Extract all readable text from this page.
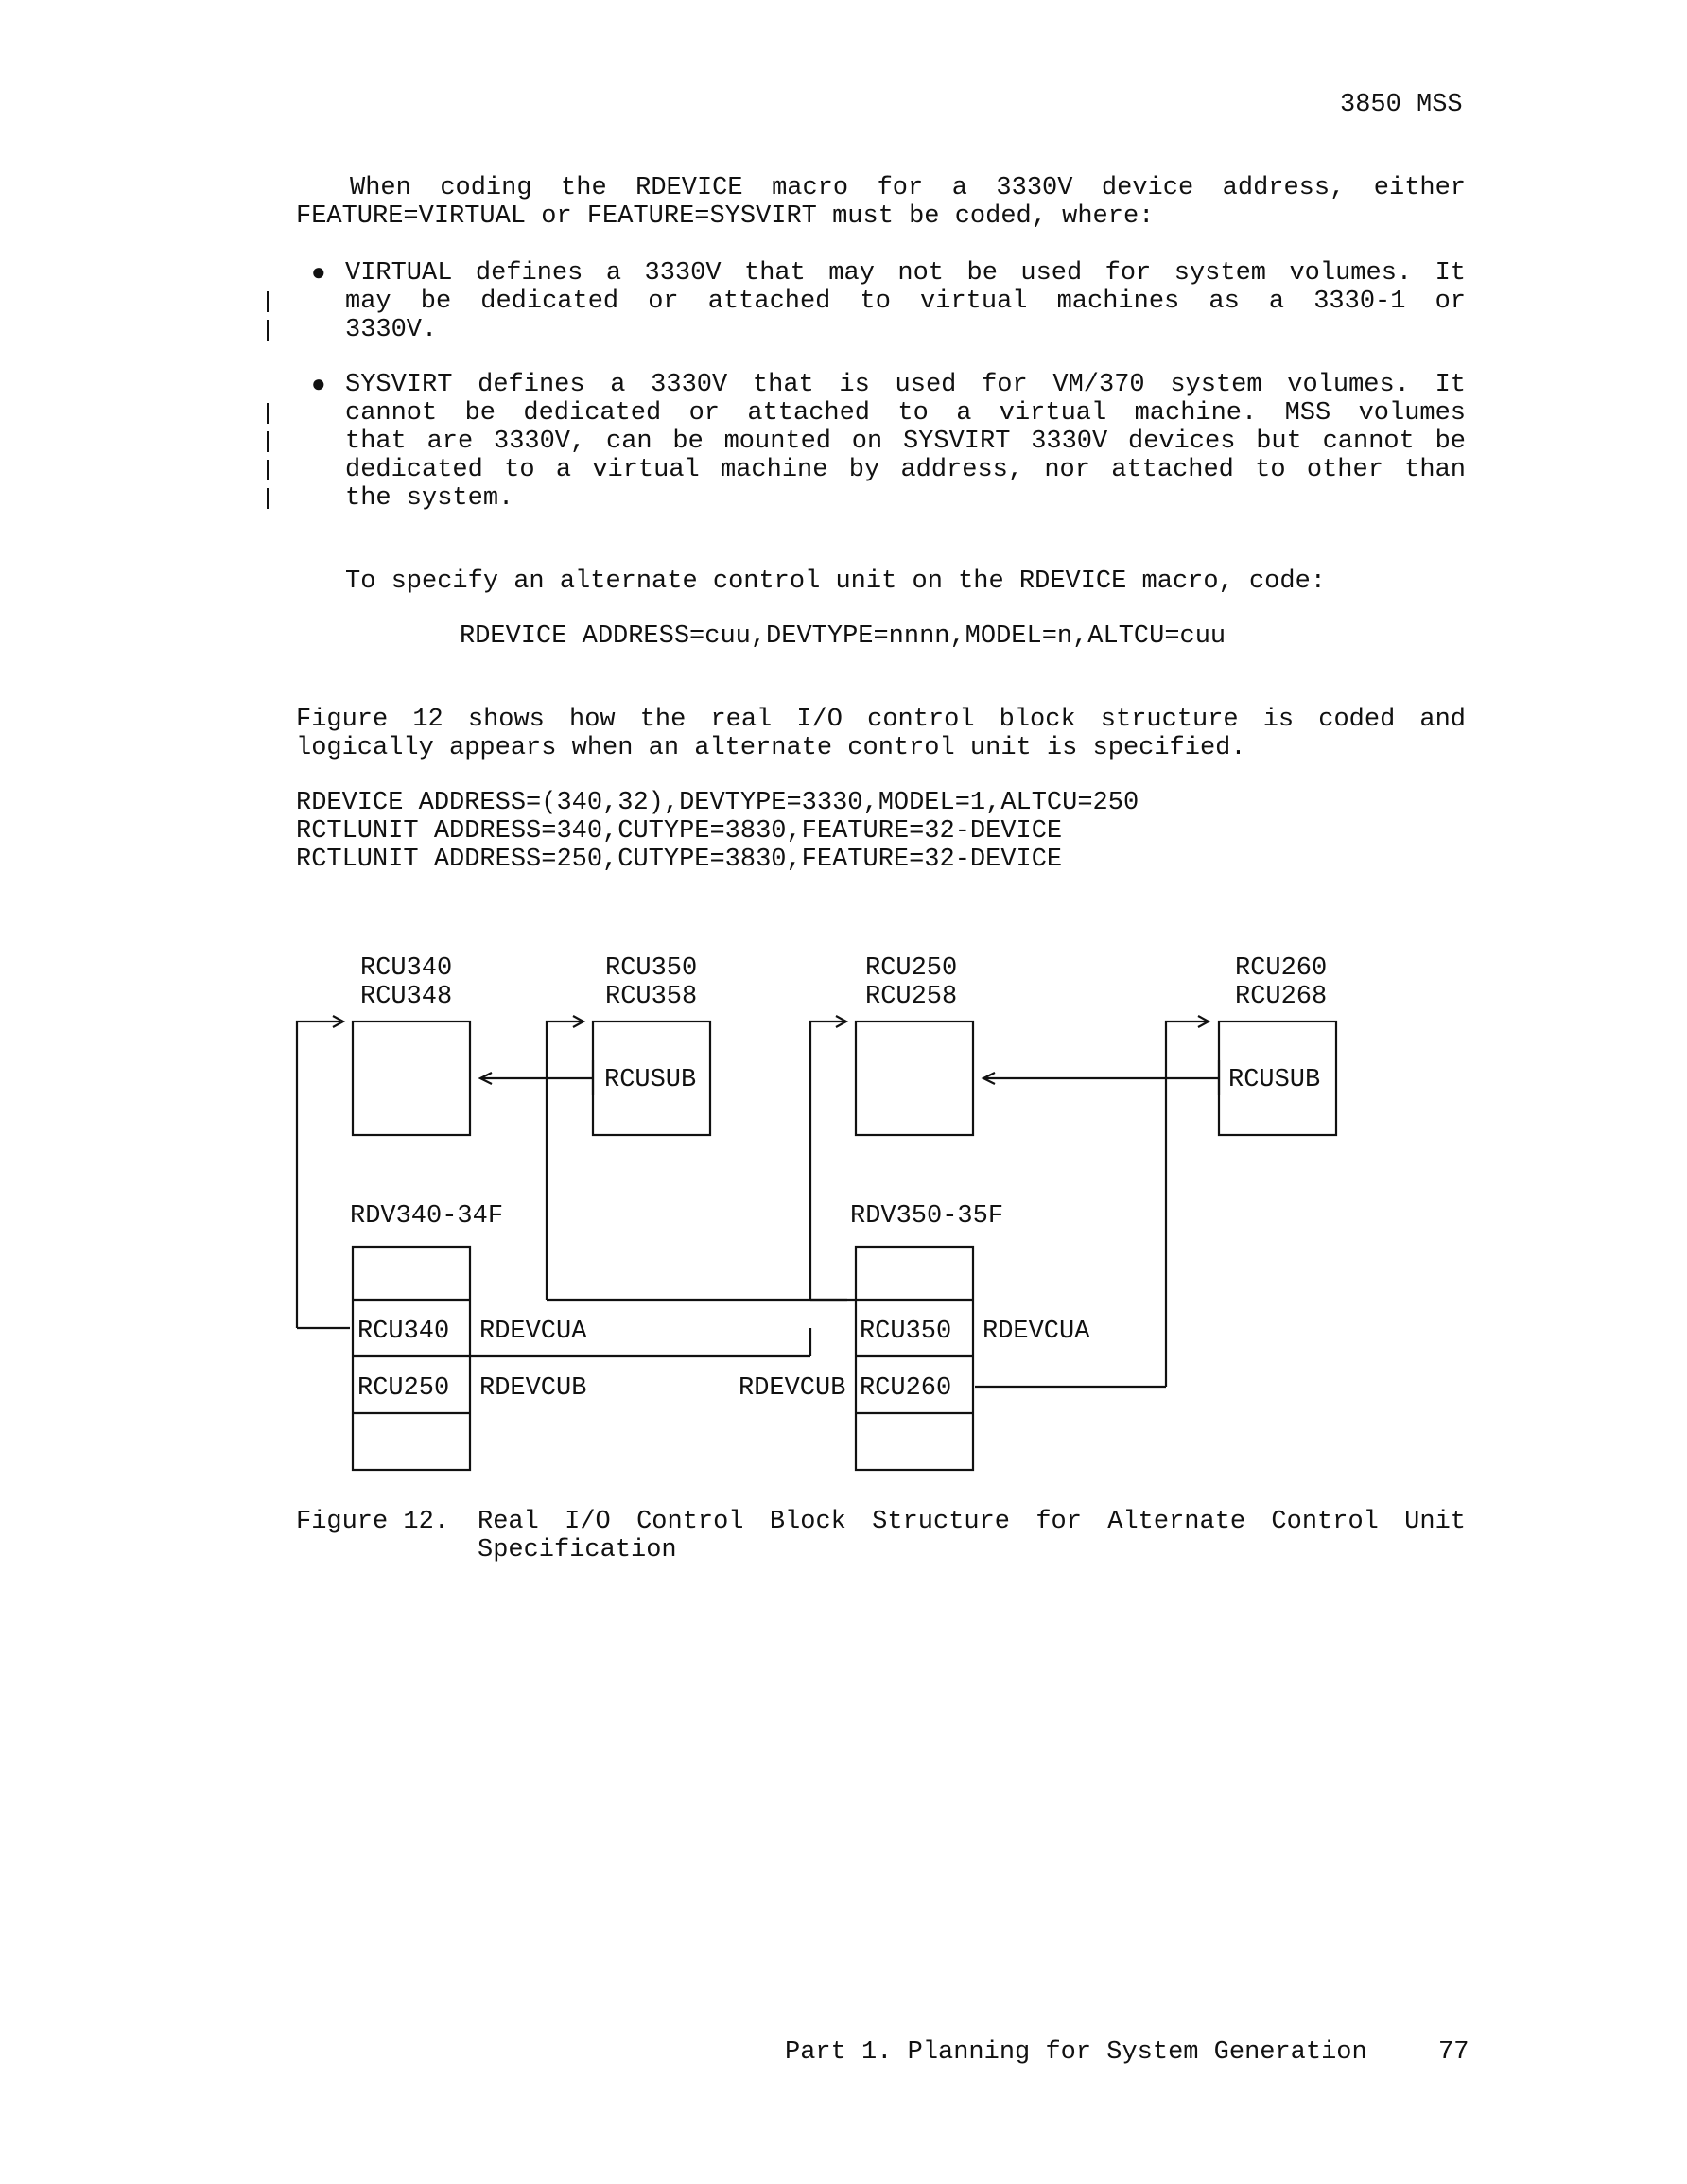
3850 MSS
When coding the RDEVICE macro for a 3330V device address, either
FEATURE=VIRTUAL or FEATURE=SYSVIRT must be coded, where:
● VIRTUAL defines a 3330V that may not be used for system volumes. It
may be dedicated or attached to virtual machines as a 3330-1 or
3330V.
● SYSVIRT defines a 3330V that is used for VM/370 system volumes. It
cannot be dedicated or attached to a virtual machine. MSS volumes
that are 3330V, can be mounted on SYSVIRT 3330V devices but cannot be
dedicated to a virtual machine by address, nor attached to other than
the system.
To specify an alternate control unit on the RDEVICE macro, code:
RDEVICE ADDRESS=cuu,DEVTYPE=nnnn,MODEL=n,ALTCU=cuu
Figure 12 shows how the real I/O control block structure is coded and
logically appears when an alternate control unit is specified.
RDEVICE ADDRESS=(340,32),DEVTYPE=3330,MODEL=1,ALTCU=250
RCTLUNIT ADDRESS=340,CUTYPE=3830,FEATURE=32-DEVICE
RCTLUNIT ADDRESS=250,CUTYPE=3830,FEATURE=32-DEVICE
RCU340
RCU348
RCU350
RCU358
RCU250
RCU258
RCU260
RCU268
RCUSUB	RCUSUB
RDV340-34F	RDV350-35F
RCU340
RCU250
RDEVCUA
RDEVCUB
RCU350
RCU260
RDEVCUA
RDEVCUB
Figure 12. Real I/O Control Block Structure for Alternate Control Unit
Specification
Part 1. Planning for System Generation	77
